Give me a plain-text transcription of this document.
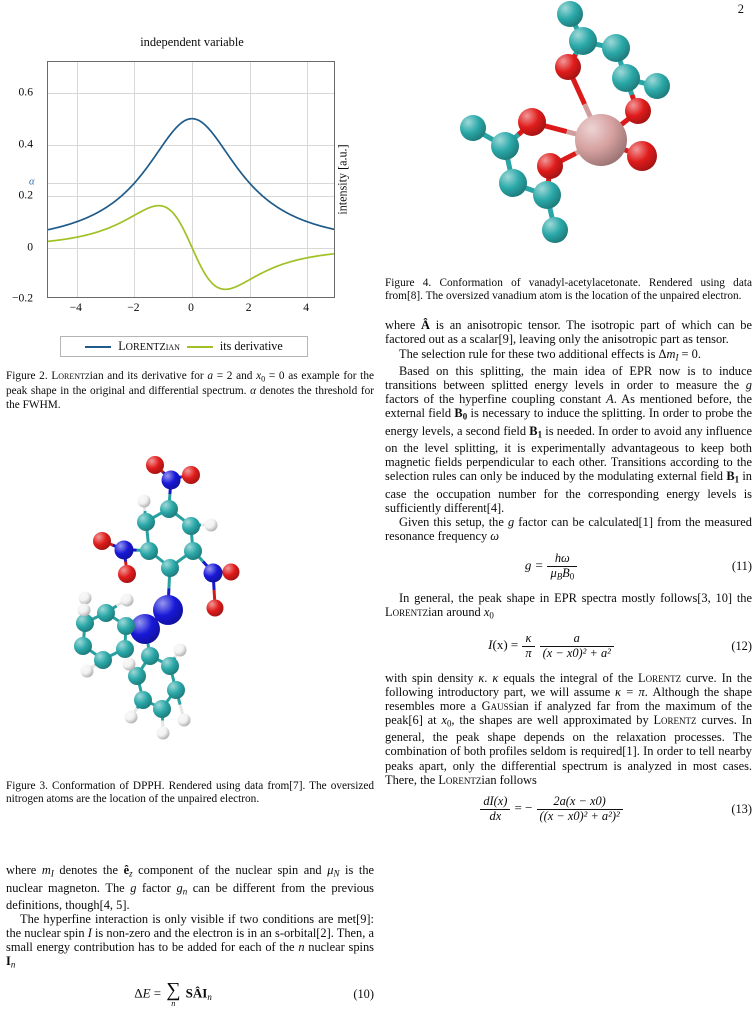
2
independent variable
0.6
0.4
0.2
0
−0.2
α
−4	−2	0	2	4
intensity [a.u.]
LORENTZian	its derivative

Figure 2. Lorentzian and its derivative for a = 2 and $x_0 = 0$ as example for the peak shape in the original and differential spectrum. α denotes the threshold for the FWHM.

Figure 3. Conformation of DPPH. Rendered using data from[7]. The oversized nitrogen atoms are the location of the unpaired electron.

where $m_I$ denotes the $ê_z$ component of the nuclear spin and $\mu_N$ is the nuclear magneton. The g factor $g_n$ can be different from the previous definitions, though[4, 5].

The hyperfine interaction is only visible if two conditions are met[9]: the nuclear spin I is non-zero and the electron is in an s-orbital[2]. Then, a small energy contribution has to be added for each of the n nuclear spins $I_n$

ΔE = ∑
n
$SÂI_n$	(10)

Figure 4. Conformation of vanadyl-acetylacetonate. Rendered using data from[8]. The oversized vanadium atom is the location of the unpaired electron.

where Â is an anisotropic tensor. The isotropic part of which can be factored out as a scalar[9], leaving only the anisotropic part as tensor.

The selection rule for these two additional effects is $\Delta m_I = 0$.

Based on this splitting, the main idea of EPR now is to induce transitions between splitted energy levels in order to measure the g factors of the hyperfine coupling constant A. As mentioned before, the external field $B_0$ is necessary to induce the splitting. In order to probe the energy levels, a second field $B_1$ is needed. In order to avoid any influence on the level splitting, it is experimentally advantageous to keep both magnetic fields perpendicular to each other. Transitions according to the selection rules can only be induced by the modulating external field $B_1$ in case the occupation number for the corresponding energy levels is sufficiently different[4].

Given this setup, the g factor can be calculated[1] from the measured resonance frequency ω

$g = \frac{h\omega}{\mu_BB_0}$	(11)

In general, the peak shape in EPR spectra mostly follows[3, 10] the Lorentzian around $x_0$

$I(x) = \frac{\kappa}{\pi}$
$\frac{a}{\text{(x − x0)² + a²}}$	(12)

with spin density κ. κ equals the integral of the Lorentz curve. In the following introductory part, we will assume κ = π. Although the shape resembles more a Gaussian if analyzed far from the maximum of the peak[6] at $x_0$, the shapes are well approximated by Lorentz curves. In general, the peak shape depends on the relaxation processes. The combination of both profiles seldom is required[1]. In order to tell nearby peaks apart, only the differential spectrum is analyzed in most cases. There, the Lorentzian follows

$\frac{dI(x)}{dx}$ = − $\frac{2a(x - x0)}{\text{((x − x0)² + a²)²}}$	(13)
